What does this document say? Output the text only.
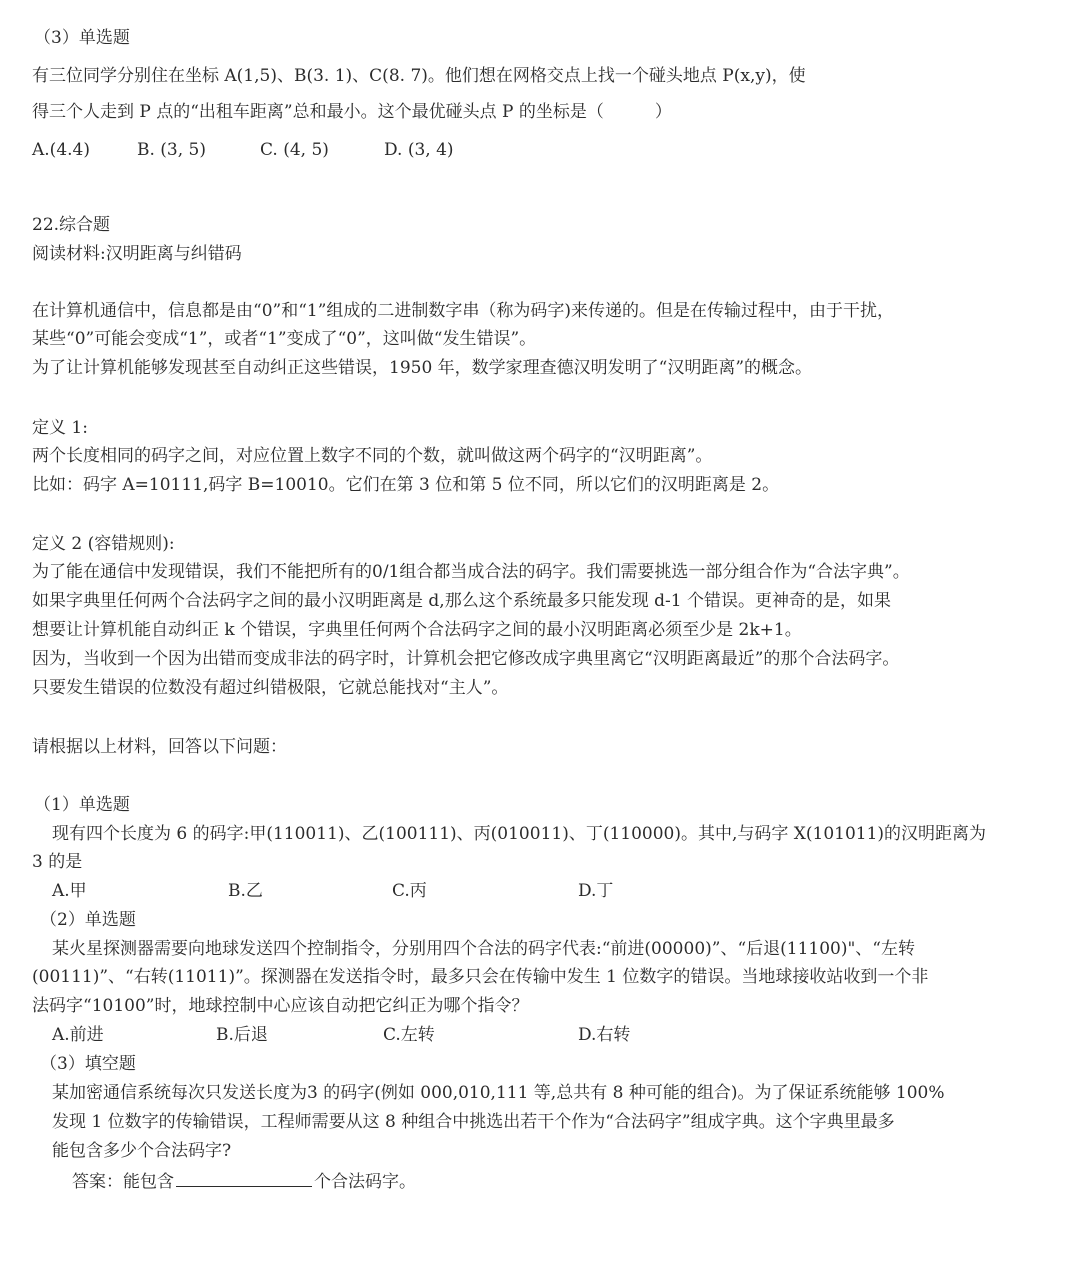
（3）单选题
有三位同学分别住在坐标 A(1,5)、B(3. 1)、C(8. 7)。他们想在网格交点上找一个碰头地点 P(x,y)，使
得三个人走到 P 点的“出租车距离”总和最小。这个最优碰头点 P 的坐标是（　　　）
A.(4.4)	B. (3, 5)	C. (4, 5)	D. (3, 4)
22.综合题
阅读材料:汉明距离与纠错码
在计算机通信中，信息都是由“0”和“1”组成的二进制数字串（称为码字)来传递的。但是在传输过程中，由于干扰，
某些“0”可能会变成“1”，或者“1”变成了“0”，这叫做“发生错误”。
为了让计算机能够发现甚至自动纠正这些错误，1950 年，数学家理查德汉明发明了“汉明距离”的概念。
定义 1:
两个长度相同的码字之间，对应位置上数字不同的个数，就叫做这两个码字的“汉明距离”。
比如：码字 A=10111,码字 B=10010。它们在第 3 位和第 5 位不同，所以它们的汉明距离是 2。
定义 2 (容错规则):
为了能在通信中发现错误，我们不能把所有的0/1组合都当成合法的码字。我们需要挑选一部分组合作为“合法字典”。
如果字典里任何两个合法码字之间的最小汉明距离是 d,那么这个系统最多只能发现 d-1 个错误。更神奇的是，如果
想要让计算机能自动纠正 k 个错误，字典里任何两个合法码字之间的最小汉明距离必须至少是 2k+1。
因为，当收到一个因为出错而变成非法的码字时，计算机会把它修改成字典里离它“汉明距离最近”的那个合法码字。
只要发生错误的位数没有超过纠错极限，它就总能找对“主人”。
请根据以上材料，回答以下问题：
（1）单选题
现有四个长度为 6 的码字:甲(110011)、乙(100111)、丙(010011)、丁(110000)。其中,与码字 X(101011)的汉明距离为
3 的是
A.甲	B.乙	C.丙	D.丁
（2）单选题
某火星探测器需要向地球发送四个控制指令，分别用四个合法的码字代表:“前进(00000)”、“后退(11100)"、“左转
(00111)”、“右转(11011)”。探测器在发送指令时，最多只会在传输中发生 1 位数字的错误。当地球接收站收到一个非
法码字“10100”时，地球控制中心应该自动把它纠正为哪个指令？
A.前进	B.后退	C.左转	D.右转
（3）填空题
某加密通信系统每次只发送长度为3 的码字(例如 000,010,111 等,总共有 8 种可能的组合)。为了保证系统能够 100%
发现 1 位数字的传输错误，工程师需要从这 8 种组合中挑选出若干个作为“合法码字”组成字典。这个字典里最多
能包含多少个合法码字?
答案：能包含	个合法码字。
